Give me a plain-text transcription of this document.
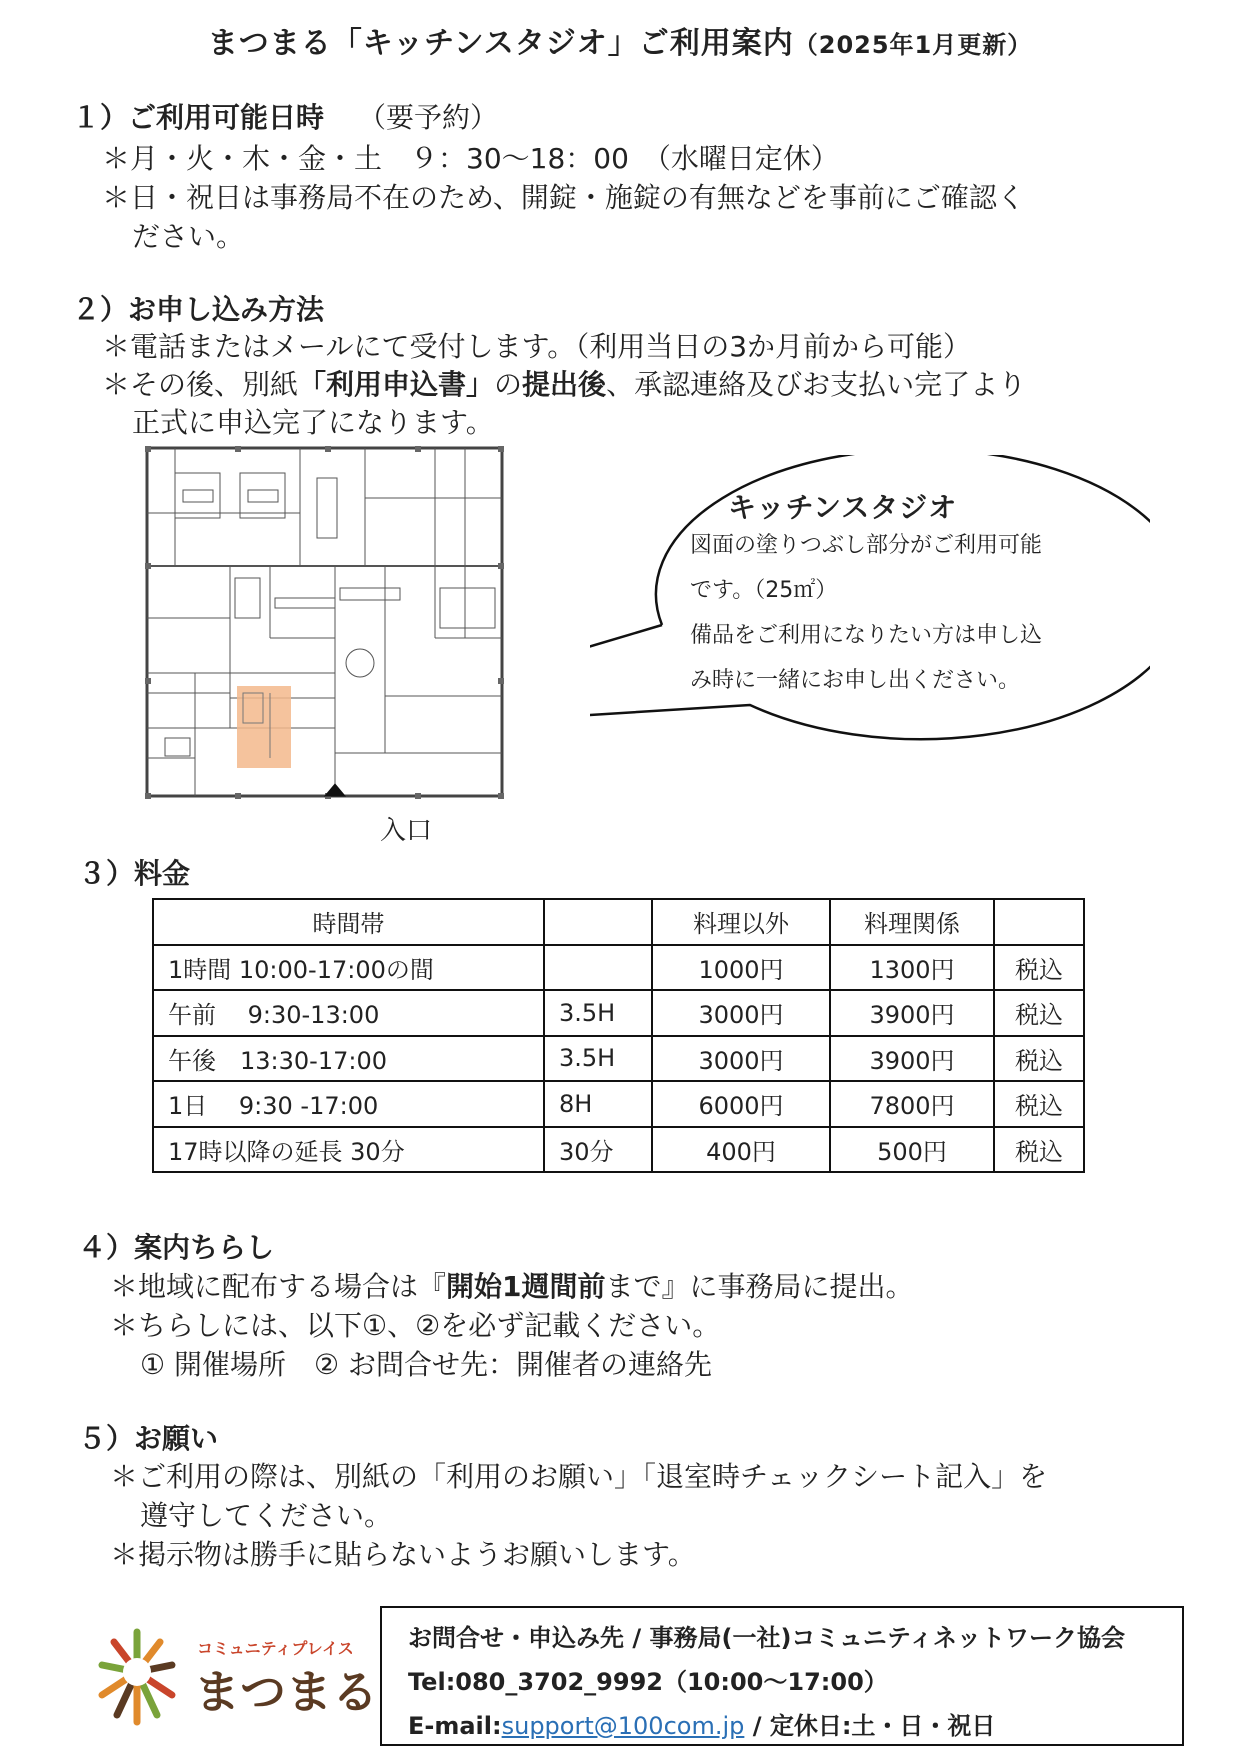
まつまる「キッチンスタジオ」ご利用案内（2025年1月更新）
１）ご利用可能日時 （要予約）
＊月・火・木・金・土　９：30～18：00　（水曜日定休）
＊日・祝日は事務局不在のため、開錠・施錠の有無などを事前にご確認く
ださい。
２）お申し込み方法
＊電話またはメールにて受付します。（利用当日の3か月前から可能）
＊その後、別紙「利用申込書」の提出後、承認連絡及びお支払い完了より
正式に申込完了になります。
入口
キッチンスタジオ
図面の塗りつぶし部分がご利用可能
です。（25㎡）
備品をご利用になりたい方は申し込
み時に一緒にお申し出ください。
３）料金
時間帯		料理以外	料理関係	
1時間 10:00-17:00の間		1000円	1300円	税込
午前　 9:30-13:00	3.5H	3000円	3900円	税込
午後　13:30-17:00	3.5H	3000円	3900円	税込
1日　 9:30 -17:00	8H	6000円	7800円	税込
17時以降の延長 30分	30分	400円	500円	税込
４）案内ちらし
＊地域に配布する場合は『開始1週間前まで』に事務局に提出。
＊ちらしには、以下①、②を必ず記載ください。
① 開催場所　② お問合せ先：開催者の連絡先
５）お願い
＊ご利用の際は、別紙の「利用のお願い」「退室時チェックシート記入」を
遵守してください。
＊掲示物は勝手に貼らないようお願いします。
コミュニティプレイス
まつまる
お問合せ・申込み先 / 事務局(一社)コミュニティネットワーク協会
Tel:080_3702_9992（10:00～17:00）
E-mail:support@100com.jp / 定休日:土・日・祝日
